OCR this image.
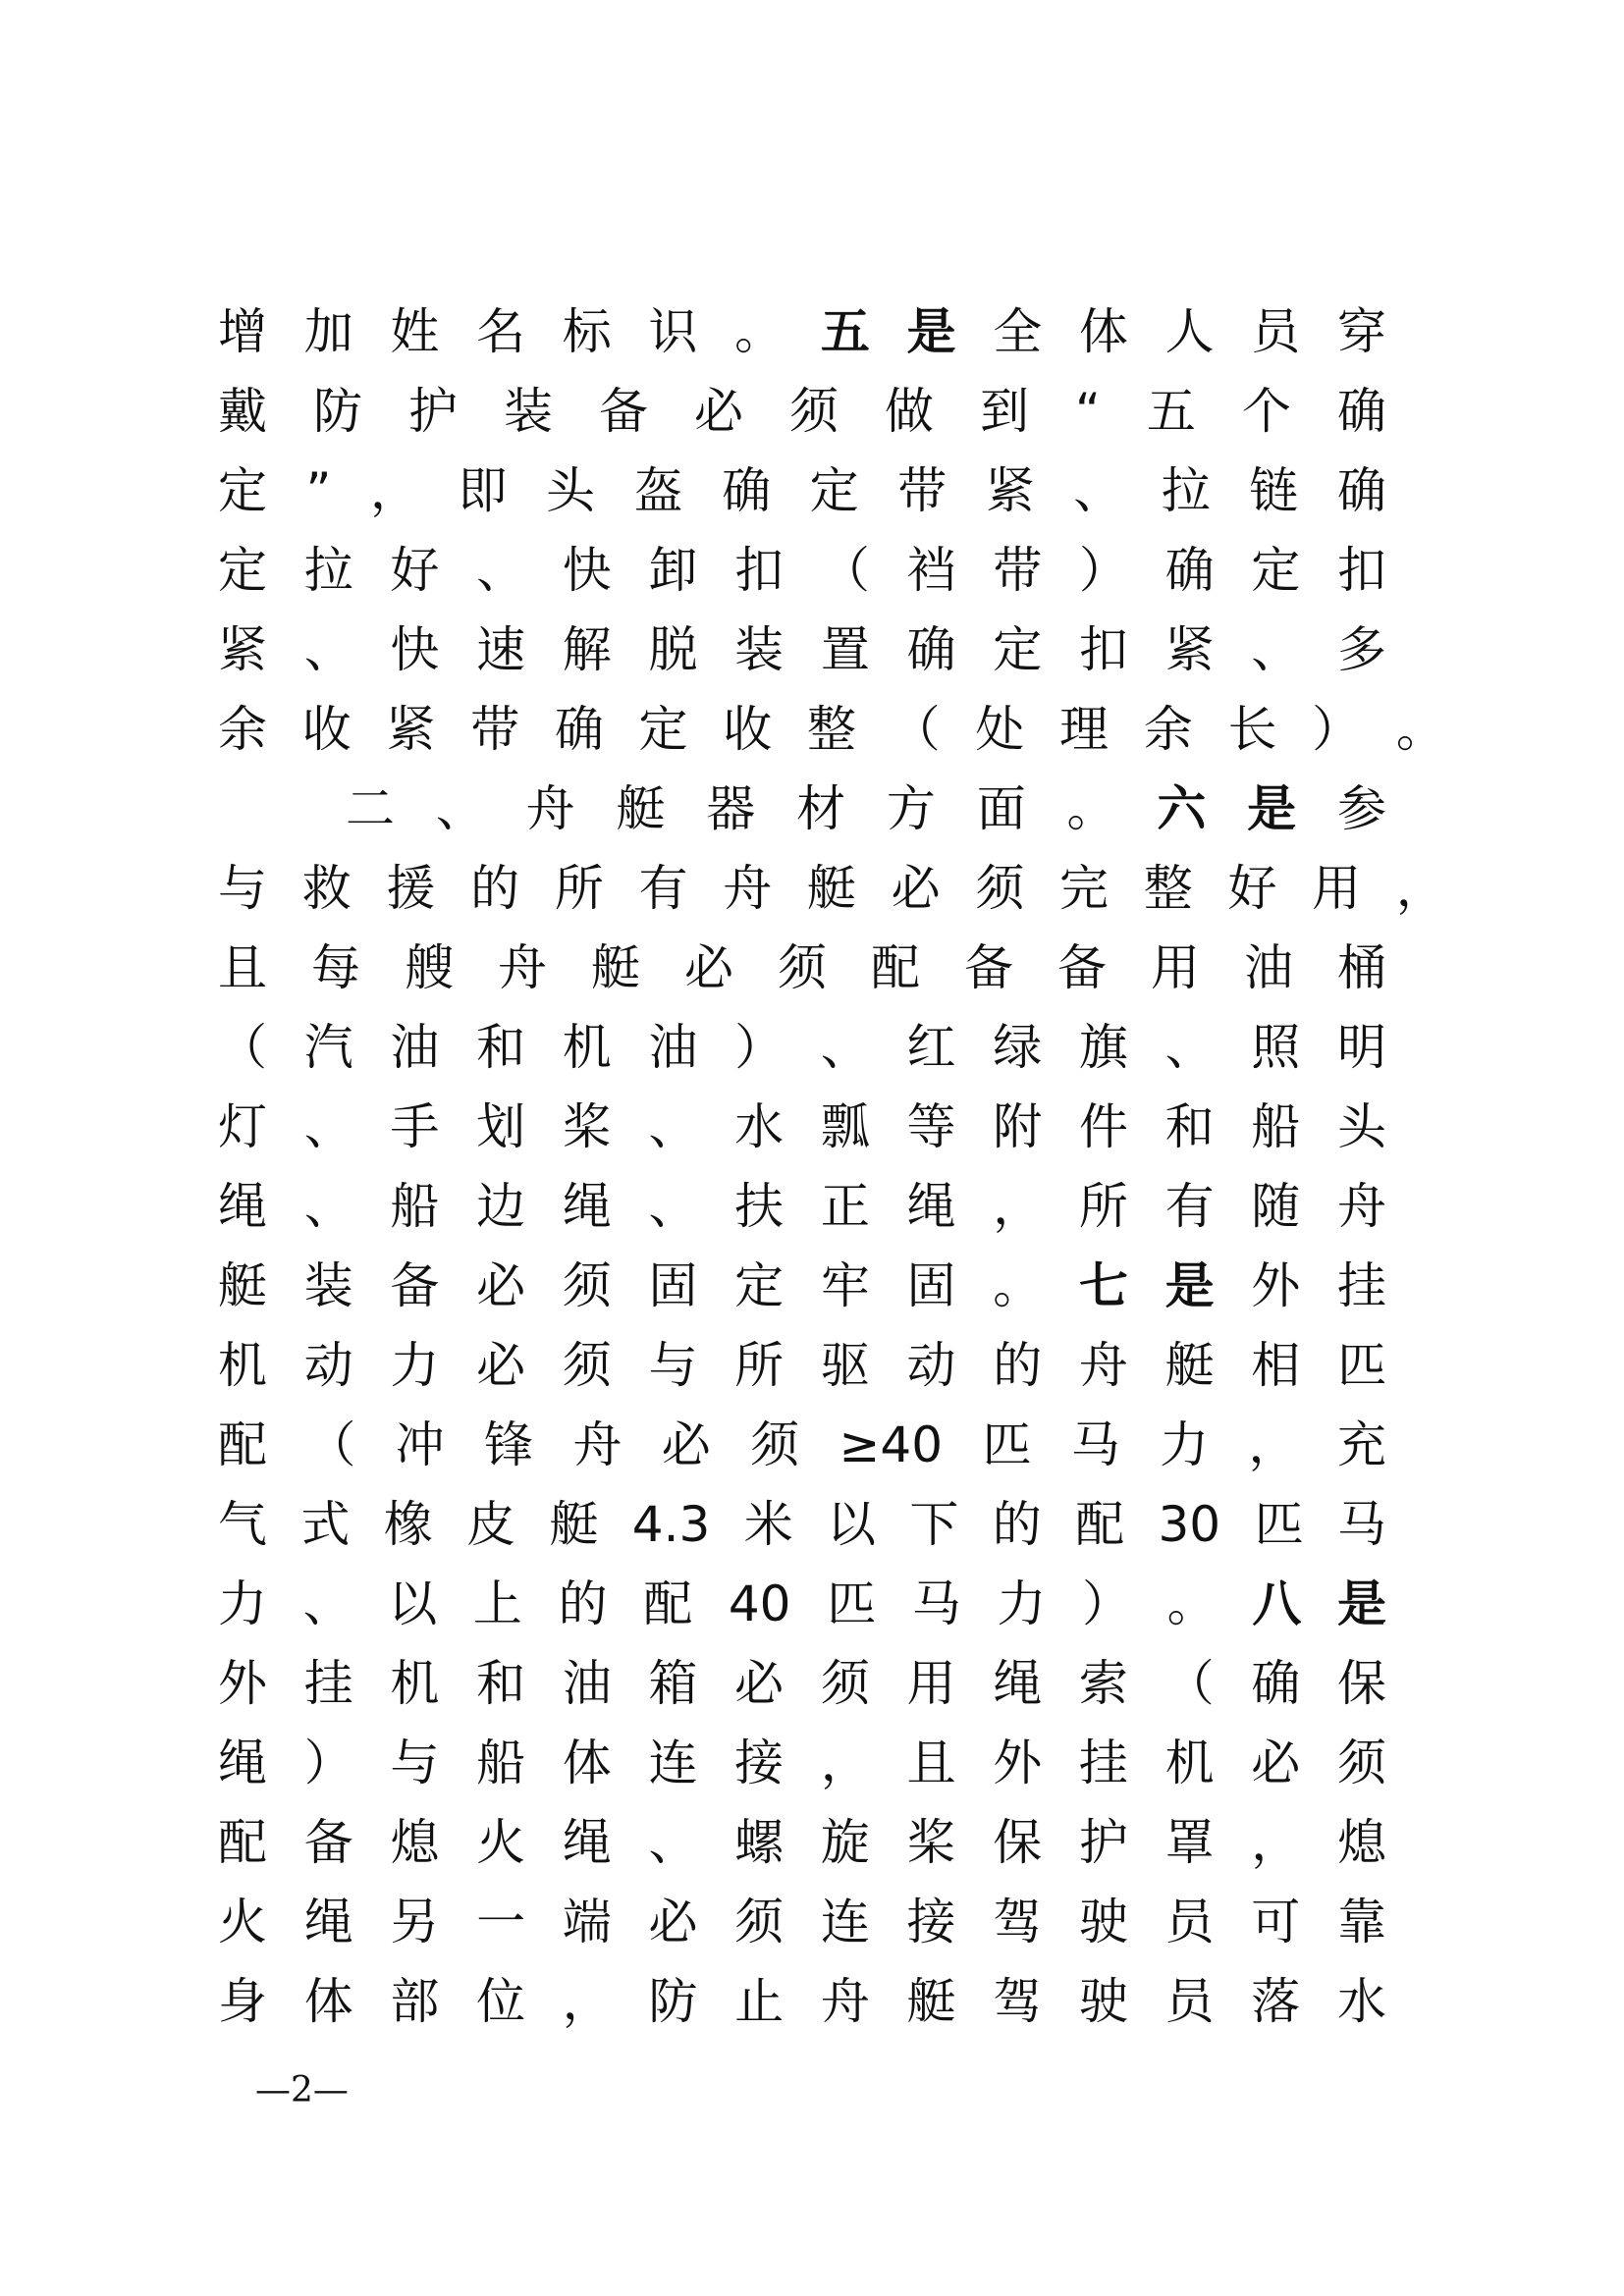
增 加 姓 名 标 识 。 五 是 全 体 人 员 穿
戴 防 护 装 备 必 须 做 到 “ 五 个 确
定 ” ， 即 头 盔 确 定 带 紧 、 拉 链 确
定 拉 好 、 快 卸 扣 （ 裆 带 ） 确 定 扣
紧 、 快 速 解 脱 装 置 确 定 扣 紧 、 多
余 收 紧 带 确 定 收 整 （ 处 理 余 长 ） 。
二 、 舟 艇 器 材 方 面 。 六 是 参
与 救 援 的 所 有 舟 艇 必 须 完 整 好 用 ，
且 每 艘 舟 艇 必 须 配 备 备 用 油 桶
（ 汽 油 和 机 油 ） 、 红 绿 旗 、 照 明
灯 、 手 划 桨 、 水 瓢 等 附 件 和 船 头
绳 、 船 边 绳 、 扶 正 绳 ， 所 有 随 舟
艇 装 备 必 须 固 定 牢 固 。 七 是 外 挂
机 动 力 必 须 与 所 驱 动 的 舟 艇 相 匹
配 （ 冲 锋 舟 必 须 ≥40 匹 马 力 ， 充
气 式 橡 皮 艇 4.3 米 以 下 的 配 30 匹 马
力 、 以 上 的 配 40 匹 马 力 ） 。 八 是
外 挂 机 和 油 箱 必 须 用 绳 索 （ 确 保
绳 ） 与 船 体 连 接 ， 且 外 挂 机 必 须
配 备 熄 火 绳 、 螺 旋 桨 保 护 罩 ， 熄
火 绳 另 一 端 必 须 连 接 驾 驶 员 可 靠
身 体 部 位 ， 防 止 舟 艇 驾 驶 员 落 水
—2—
